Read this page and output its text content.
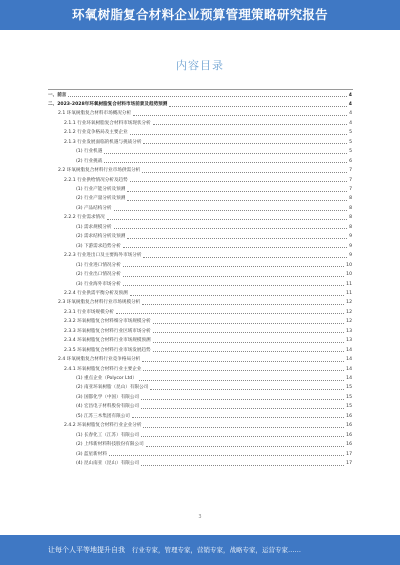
环氧树脂复合材料企业预算管理策略研究报告
内容目录
一、前言	4
二、2023-2028年环氧树脂复合材料市场前景及趋势预测	4
2.1 环氧树脂复合材料市场概况分析	4
2.1.1 行业环氧树脂复合材料市场现状分析	4
2.1.2 行业竞争格局及主要企业	5
2.1.3 行业发展面临的机遇与挑战分析	5
(1) 行业机遇	5
(2) 行业挑战	6
2.2 环氧树脂复合材料行业市场供需分析	7
2.2.1 行业供给情况分析及趋势	7
(1) 行业产能分析及预测	7
(2) 行业产量分析及预测	8
(3) 产品结构分析	8
2.2.2 行业需求情况	8
(1) 需求规模分析	8
(2) 需求结构分析及预测	9
(3) 下游需求趋势分析	9
2.2.3 行业进出口及主要海外市场分析	9
(1) 行业进口情况分析	10
(2) 行业出口情况分析	10
(3) 行业海外市场分析	11
2.2.4 行业供需平衡分析及预测	11
2.3 环氧树脂复合材料行业市场规模分析	12
2.3.1 行业市场规模分析	12
2.3.2 环氧树脂复合材料细分市场规模分析	12
2.3.3 环氧树脂复合材料行业区域市场分析	13
2.3.4 环氧树脂复合材料行业市场规模预测	13
2.3.5 环氧树脂复合材料行业市场发展趋势	14
2.4 环氧树脂复合材料行业竞争格局分析	14
2.4.1 环氧树脂复合材料行业主要企业	14
(1) 重点企业（Polycor Ltd）	14
(2) 南亚环氧树脂（昆山）有限公司	15
(3) 国都化学（中国）有限公司	15
(4) 宏昌电子材料股份有限公司	15
(5) 江苏三木集团有限公司	16
2.4.2 环氧树脂复合材料行业企业分析	16
(1) 长春化工（江苏）有限公司	16
(2) 上纬新材料科技股份有限公司	16
(3) 蓝星新材料	17
(4) 昆山南亚（昆山）有限公司	17
3
让每个人平等地提升自我 行业专家，管理专家，营销专家，战略专家，运营专家……
